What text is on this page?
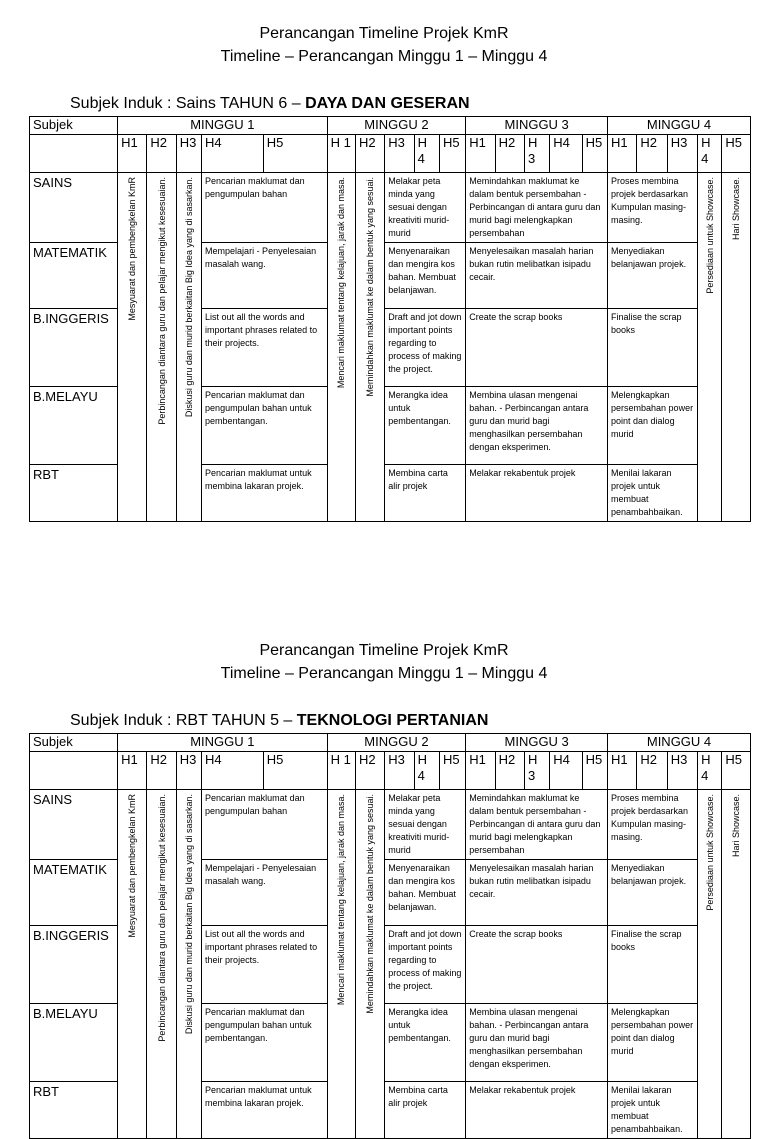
Perancangan Timeline Projek KmR
Timeline – Perancangan Minggu 1 – Minggu 4
Subjek Induk : Sains TAHUN 6 – DAYA DAN GESERAN
Subjek	MINGGU 1					MINGGU 2					MINGGU 3					MINGGU 4				
	H1	H2	H3	H4	H5	H 1	H2	H3	H 4	H5	H1	H2	H 3	H4	H5	H1	H2	H3	H 4	H5
SAINS	Mesyuarat dan pembengkelan KmR	Perbincangan diantara guru dan pelajar mengikut kesesuaian.	Diskusi guru dan murid berkaitan Big Idea yang di sasarkan.	Pencarian maklumat dan pengumpulan bahan		Mencari maklumat tentang kelajuan, jarak dan masa.	Memindahkan maklumat ke dalam bentuk yang sesuai.	Melakar peta minda yang sesuai dengan kreativiti murid-murid			Memindahkan maklumat ke dalam bentuk persembahan - Perbincangan di antara guru dan murid bagi melengkapkan persembahan					Proses membina projek berdasarkan Kumpulan masing-masing.			Persediaan untuk Showcase.	Hari Showcase.
MATEMATIK				Mempelajari - Penyelesaian masalah wang.				Menyenaraikan dan mengira kos bahan. Membuat belanjawan.			Menyelesaikan masalah harian bukan rutin melibatkan isipadu cecair.					Menyediakan belanjawan projek.				
B.INGGERIS				List out all the words and important phrases related to their projects.				Draft and jot down important points regarding to process of making the project.			Create the scrap books					Finalise the scrap books				
B.MELAYU				Pencarian maklumat dan pengumpulan bahan untuk pembentangan.				Merangka idea untuk pembentangan.			Membina ulasan mengenai bahan. - Perbincangan antara guru dan murid bagi menghasilkan persembahan dengan eksperimen.					Melengkapkan persembahan power point dan dialog murid				
RBT				Pencarian maklumat untuk membina lakaran projek.				Membina carta alir projek			Melakar rekabentuk projek					Menilai lakaran projek untuk membuat penambahbaikan.				
Perancangan Timeline Projek KmR
Timeline – Perancangan Minggu 1 – Minggu 4
Subjek Induk : RBT TAHUN 5 – TEKNOLOGI PERTANIAN
Subjek	MINGGU 1					MINGGU 2					MINGGU 3					MINGGU 4				
	H1	H2	H3	H4	H5	H 1	H2	H3	H 4	H5	H1	H2	H 3	H4	H5	H1	H2	H3	H 4	H5
SAINS	Mesyuarat dan pembengkelan KmR	Perbincangan diantara guru dan pelajar mengikut kesesuaian.	Diskusi guru dan murid berkaitan Big Idea yang di sasarkan.	Pencarian maklumat dan pengumpulan bahan		Mencari maklumat tentang kelajuan, jarak dan masa.	Memindahkan maklumat ke dalam bentuk yang sesuai.	Melakar peta minda yang sesuai dengan kreativiti murid-murid			Memindahkan maklumat ke dalam bentuk persembahan - Perbincangan di antara guru dan murid bagi melengkapkan persembahan					Proses membina projek berdasarkan Kumpulan masing-masing.			Persediaan untuk Showcase.	Hari Showcase.
MATEMATIK				Mempelajari - Penyelesaian masalah wang.				Menyenaraikan dan mengira kos bahan. Membuat belanjawan.			Menyelesaikan masalah harian bukan rutin melibatkan isipadu cecair.					Menyediakan belanjawan projek.				
B.INGGERIS				List out all the words and important phrases related to their projects.				Draft and jot down important points regarding to process of making the project.			Create the scrap books					Finalise the scrap books				
B.MELAYU				Pencarian maklumat dan pengumpulan bahan untuk pembentangan.				Merangka idea untuk pembentangan.			Membina ulasan mengenai bahan. - Perbincangan antara guru dan murid bagi menghasilkan persembahan dengan eksperimen.					Melengkapkan persembahan power point dan dialog murid				
RBT				Pencarian maklumat untuk membina lakaran projek.				Membina carta alir projek			Melakar rekabentuk projek					Menilai lakaran projek untuk membuat penambahbaikan.				
